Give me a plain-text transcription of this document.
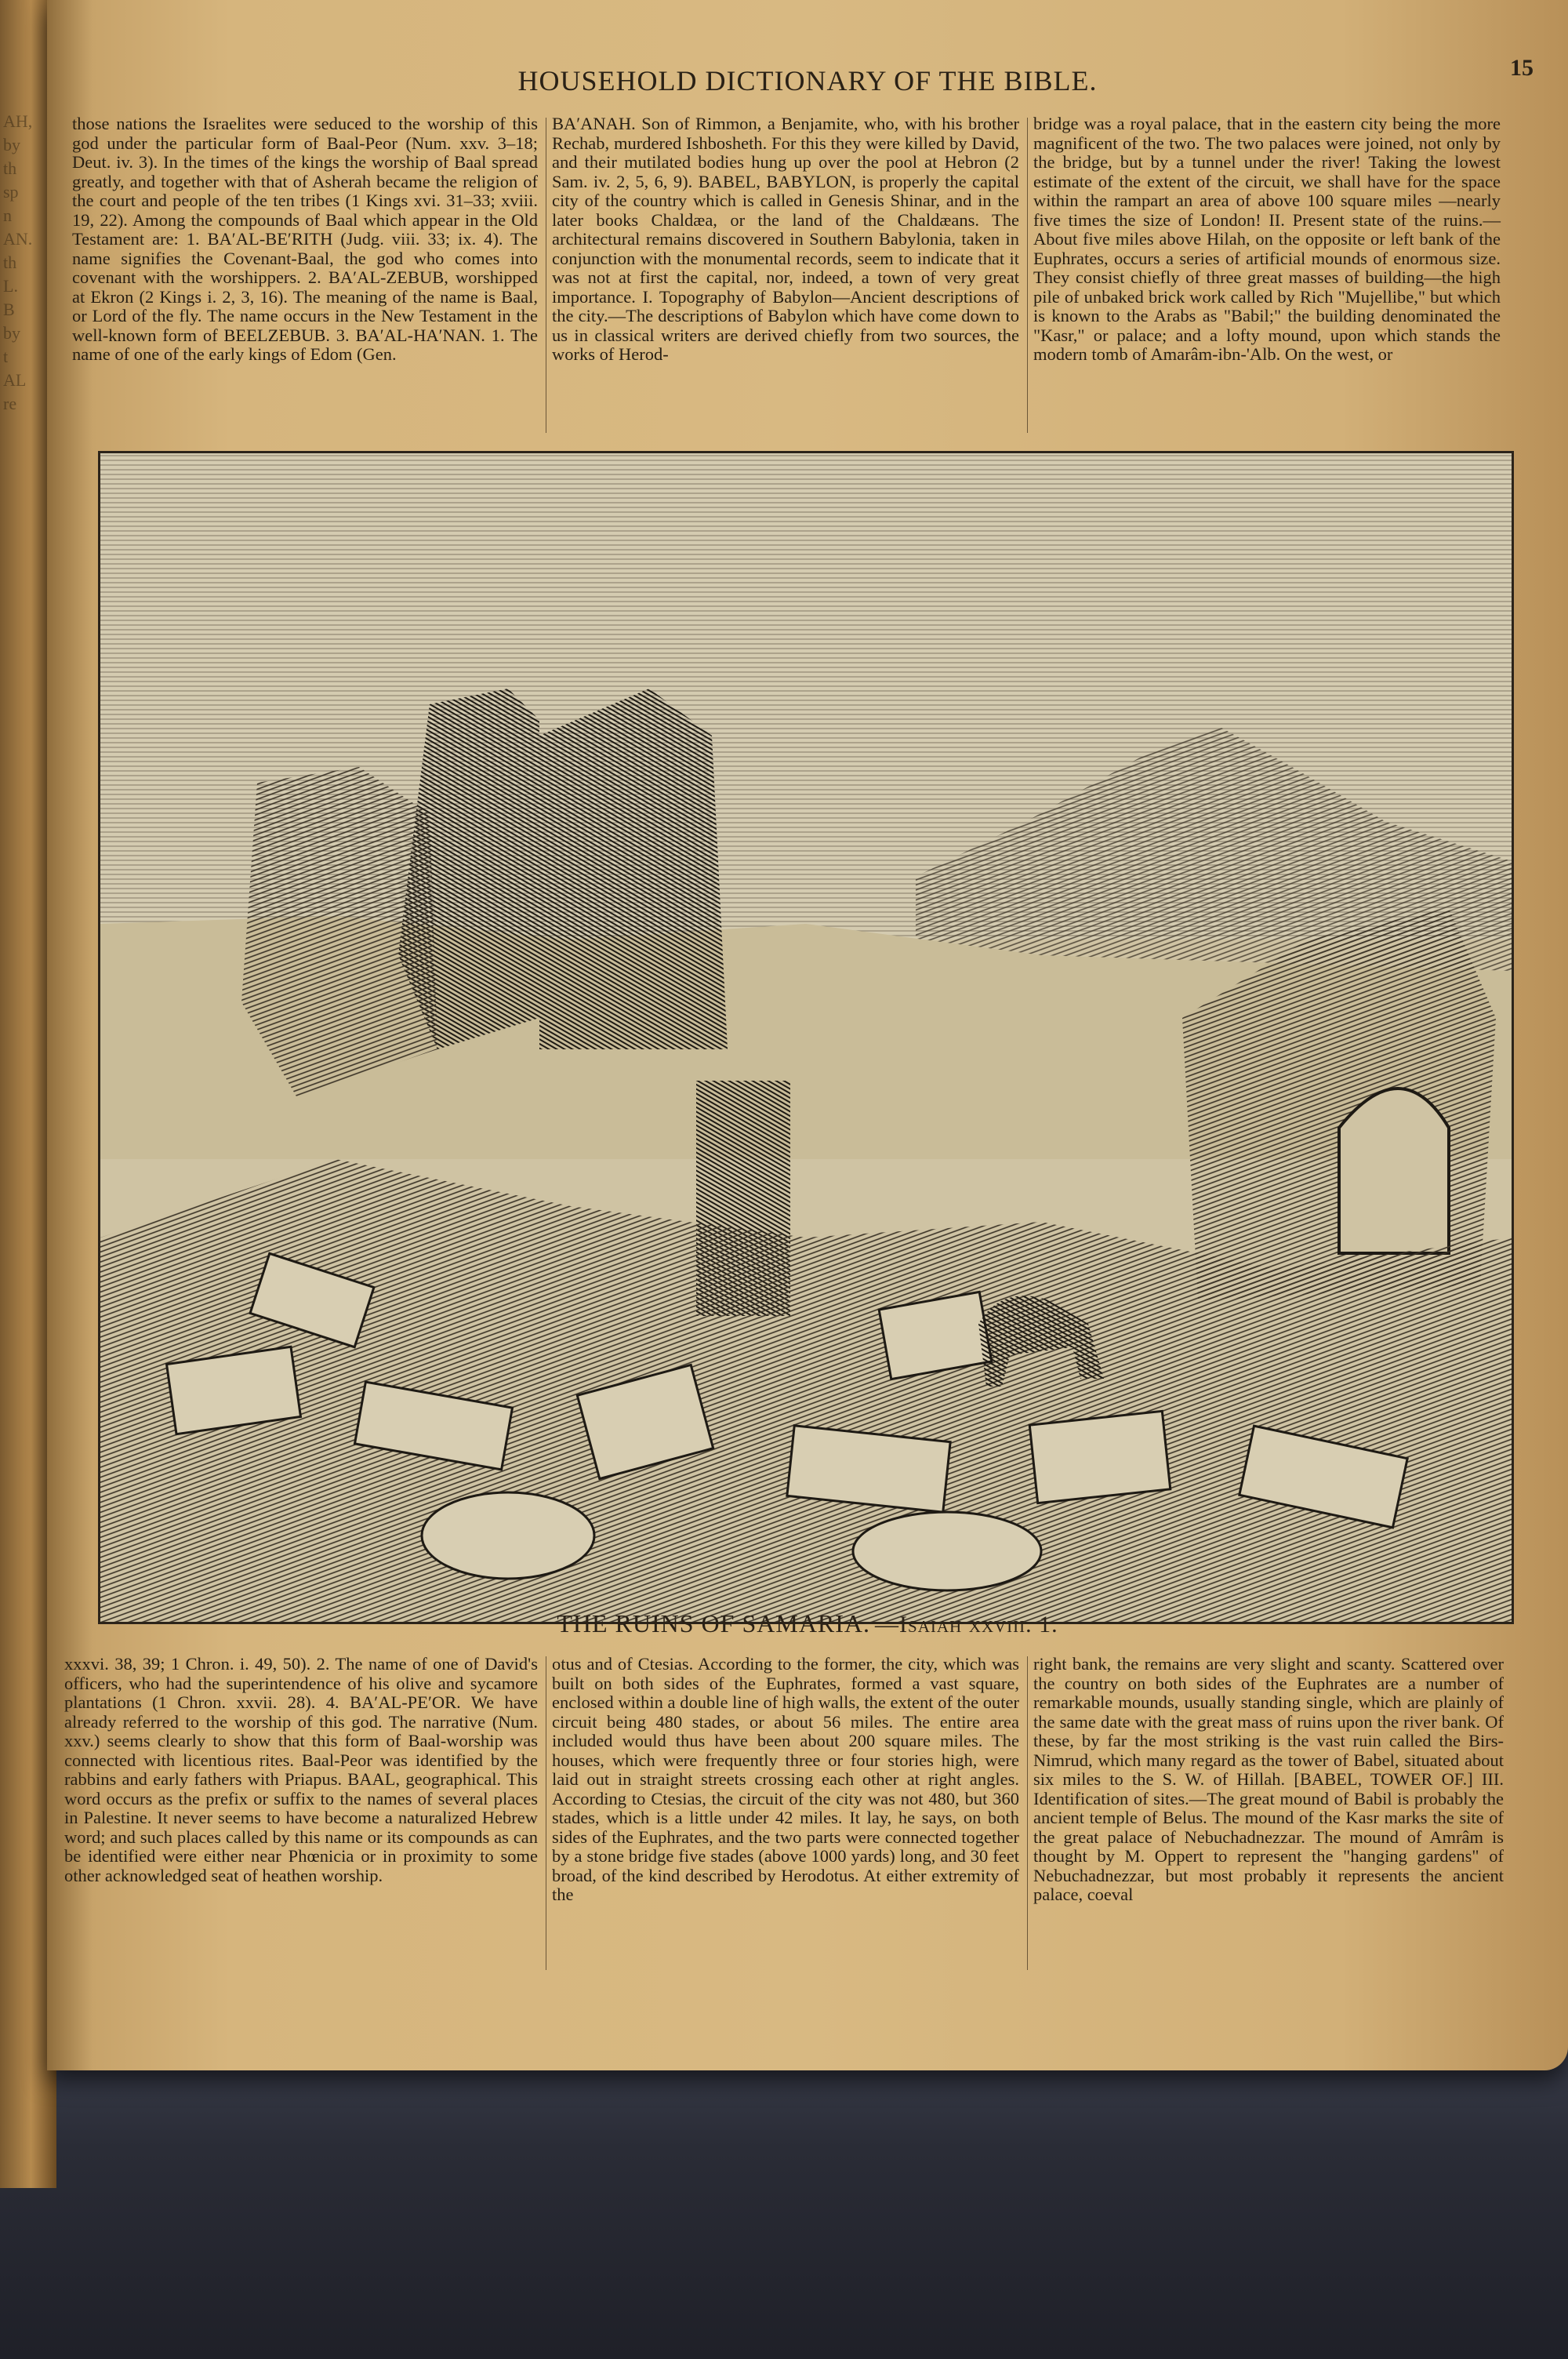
AH,
by
th
sp
n
AN.
th
L.
B
by
t
AL
re
HOUSEHOLD DICTIONARY OF THE BIBLE.	15
those nations the Israelites were seduced to the worship of this god under the particular form of Baal-Peor (Num. xxv. 3–18; Deut. iv. 3). In the times of the kings the worship of Baal spread greatly, and together with that of Asherah became the religion of the court and people of the ten tribes (1 Kings xvi. 31–33; xviii. 19, 22). Among the compounds of Baal which appear in the Old Testament are: 1. BA′AL-BE′RITH (Judg. viii. 33; ix. 4). The name signifies the Covenant-Baal, the god who comes into covenant with the worshippers. 2. BA′AL-ZEBUB, worshipped at Ekron (2 Kings i. 2, 3, 16). The meaning of the name is Baal, or Lord of the fly. The name occurs in the New Testament in the well-known form of BEELZEBUB. 3. BA′AL-HA′NAN. 1. The name of one of the early kings of Edom (Gen.
BA′ANAH. Son of Rimmon, a Benjamite, who, with his brother Rechab, murdered Ishbosheth. For this they were killed by David, and their mutilated bodies hung up over the pool at Hebron (2 Sam. iv. 2, 5, 6, 9). BABEL, BABYLON, is properly the capital city of the country which is called in Genesis Shinar, and in the later books Chaldæa, or the land of the Chaldæans. The architectural remains discovered in Southern Babylonia, taken in conjunction with the monumental records, seem to indicate that it was not at first the capital, nor, indeed, a town of very great importance. I. Topography of Babylon—Ancient descriptions of the city.—The descriptions of Babylon which have come down to us in classical writers are derived chiefly from two sources, the works of Herod-
bridge was a royal palace, that in the eastern city being the more magnificent of the two. The two palaces were joined, not only by the bridge, but by a tunnel under the river! Taking the lowest estimate of the extent of the circuit, we shall have for the space within the rampart an area of above 100 square miles —nearly five times the size of London! II. Present state of the ruins.—About five miles above Hilah, on the opposite or left bank of the Euphrates, occurs a series of artificial mounds of enormous size. They consist chiefly of three great masses of building—the high pile of unbaked brick work called by Rich "Mujellibe," but which is known to the Arabs as "Babil;" the building denominated the "Kasr," or palace; and a lofty mound, upon which stands the modern tomb of Amarâm-ibn-'Alb. On the west, or
THE RUINS OF SAMARIA. —Isaiah xxviii. 1.
xxxvi. 38, 39; 1 Chron. i. 49, 50). 2. The name of one of David's officers, who had the superintendence of his olive and sycamore plantations (1 Chron. xxvii. 28). 4. BA′AL-PE′OR. We have already referred to the worship of this god. The narrative (Num. xxv.) seems clearly to show that this form of Baal-worship was connected with licentious rites. Baal-Peor was identified by the rabbins and early fathers with Priapus. BAAL, geographical. This word occurs as the prefix or suffix to the names of several places in Palestine. It never seems to have become a naturalized Hebrew word; and such places called by this name or its compounds as can be identified were either near Phœnicia or in proximity to some other acknowledged seat of heathen worship.
otus and of Ctesias. According to the former, the city, which was built on both sides of the Euphrates, formed a vast square, enclosed within a double line of high walls, the extent of the outer circuit being 480 stades, or about 56 miles. The entire area included would thus have been about 200 square miles. The houses, which were frequently three or four stories high, were laid out in straight streets crossing each other at right angles. According to Ctesias, the circuit of the city was not 480, but 360 stades, which is a little under 42 miles. It lay, he says, on both sides of the Euphrates, and the two parts were connected together by a stone bridge five stades (above 1000 yards) long, and 30 feet broad, of the kind described by Herodotus. At either extremity of the
right bank, the remains are very slight and scanty. Scattered over the country on both sides of the Euphrates are a number of remarkable mounds, usually standing single, which are plainly of the same date with the great mass of ruins upon the river bank. Of these, by far the most striking is the vast ruin called the Birs-Nimrud, which many regard as the tower of Babel, situated about six miles to the S. W. of Hillah. [BABEL, TOWER OF.] III. Identification of sites.—The great mound of Babil is probably the ancient temple of Belus. The mound of the Kasr marks the site of the great palace of Nebuchadnezzar. The mound of Amrâm is thought by M. Oppert to represent the "hanging gardens" of Nebuchadnezzar, but most probably it represents the ancient palace, coeval
